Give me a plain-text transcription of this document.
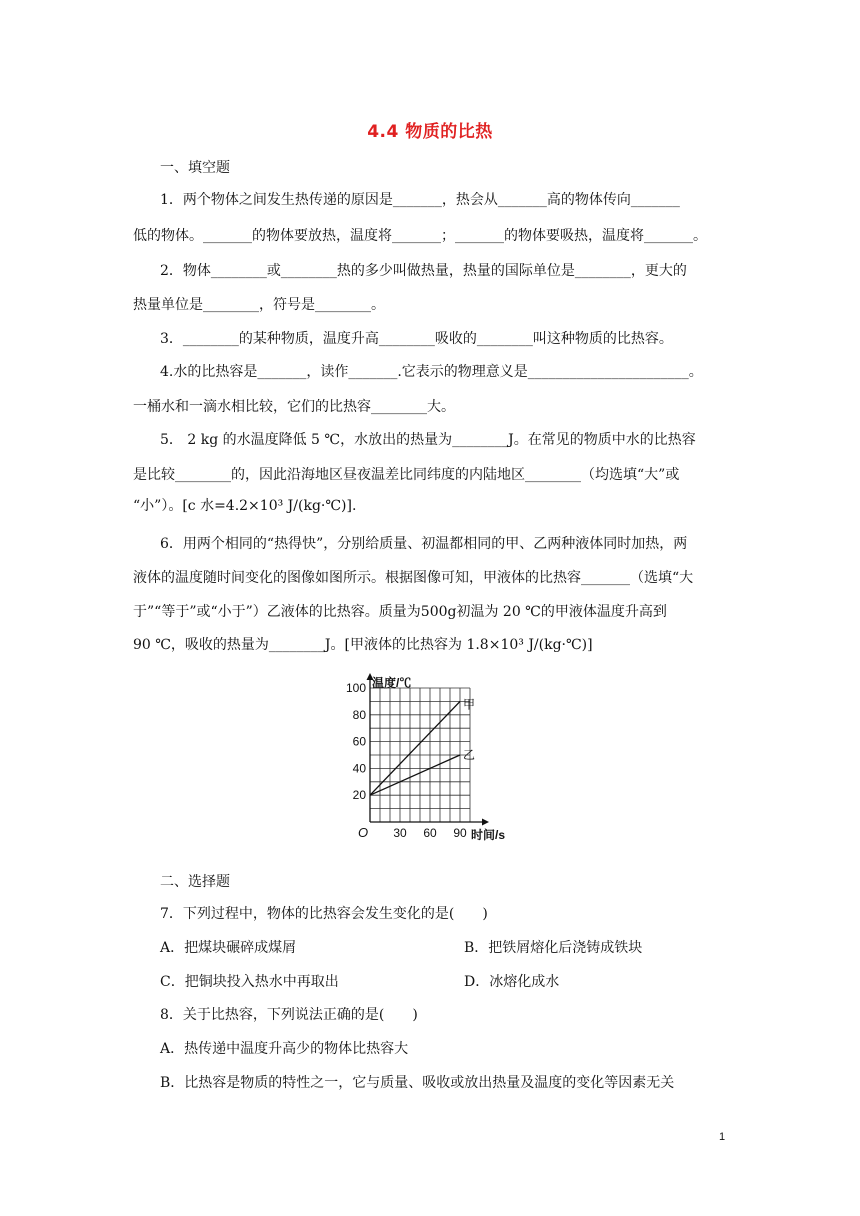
4.4 物质的比热
一、填空题
1．两个物体之间发生热传递的原因是_______，热会从_______高的物体传向_______
低的物体。_______的物体要放热，温度将_______；_______的物体要吸热，温度将_______。
2．物体________或________热的多少叫做热量，热量的国际单位是________，更大的
热量单位是________，符号是________。
3．________的某种物质，温度升高________吸收的________叫这种物质的比热容。
4.水的比热容是_______，读作_______.它表示的物理意义是_______________________。
一桶水和一滴水相比较，它们的比热容________大。
5． 2 kg 的水温度降低 5 ℃，水放出的热量为________J。在常见的物质中水的比热容
是比较________的，因此沿海地区昼夜温差比同纬度的内陆地区________（均选填“大”或
“小”）。[c 水=4.2×10³ J/(kg·℃)].
6．用两个相同的“热得快”，分别给质量、初温都相同的甲、乙两种液体同时加热，两
液体的温度随时间变化的图像如图所示。根据图像可知，甲液体的比热容_______（选填“大
于”“等于”或“小于”）乙液体的比热容。质量为500g初温为 20 ℃的甲液体温度升高到
90 ℃，吸收的热量为________J。[甲液体的比热容为 1.8×10³ J/(kg·℃)]
20
40
60
80
100
30 60 90
O
温度/℃
时间/s
甲
乙
二、选择题
7．下列过程中，物体的比热容会发生变化的是(　　)
A．把煤块碾碎成煤屑	B．把铁屑熔化后浇铸成铁块
C．把铜块投入热水中再取出	D．冰熔化成水
8．关于比热容，下列说法正确的是(　　)
A．热传递中温度升高少的物体比热容大
B．比热容是物质的特性之一，它与质量、吸收或放出热量及温度的变化等因素无关
1
